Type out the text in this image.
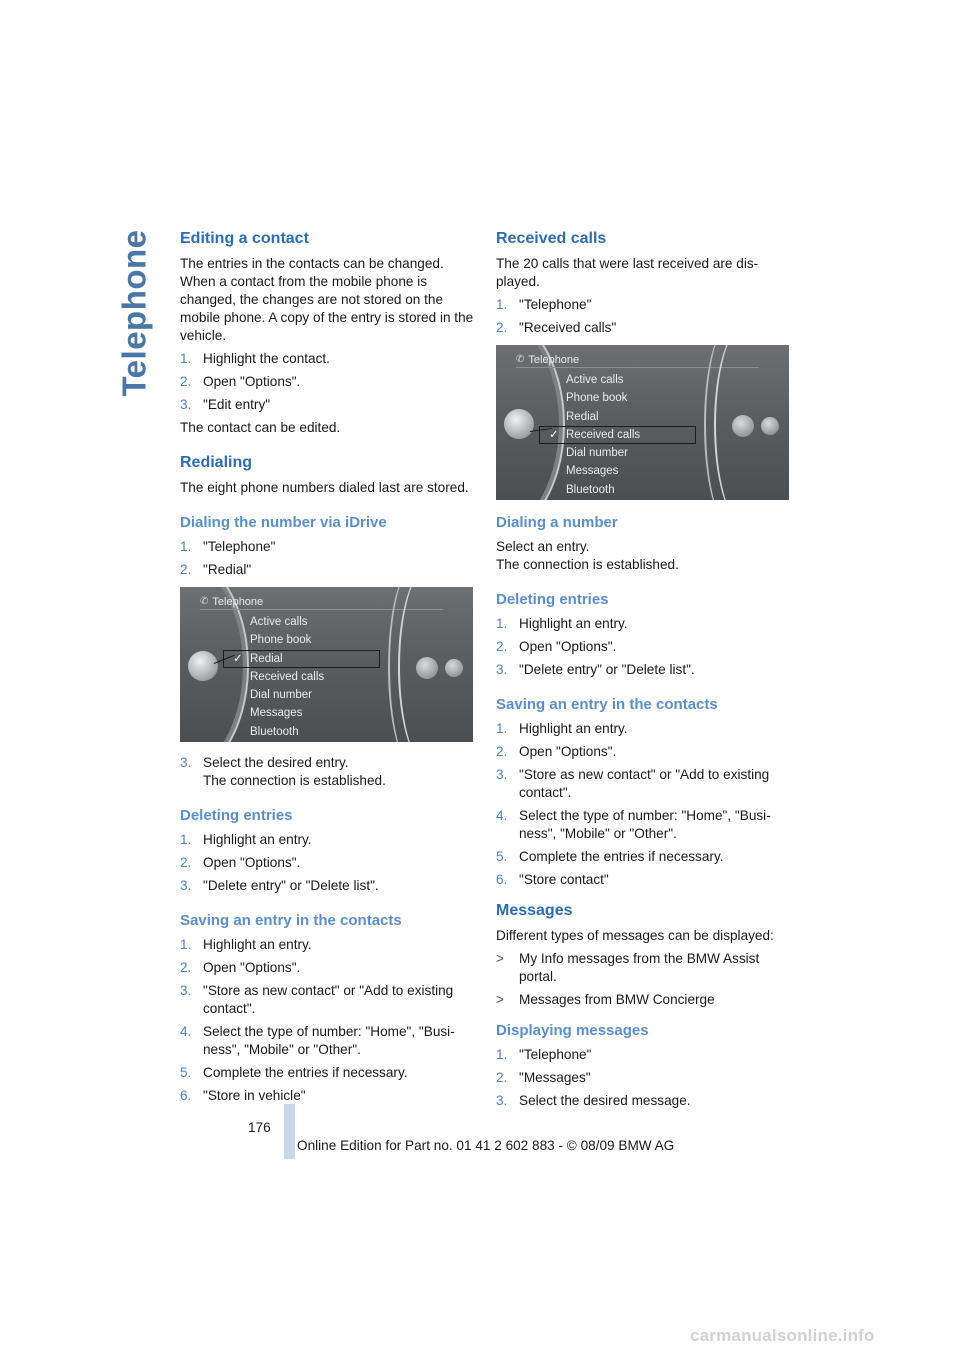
Telephone Editing a contact

The entries in the contacts can be changed. When a contact from the mobile phone is changed, the changes are not stored on the mobile phone. A copy of the entry is stored in the vehicle.

1. Highlight the contact.
2. Open "Options".
3. "Edit entry"

The contact can be edited.

Redialing

The eight phone numbers dialed last are stored.

Dialing the number via iDrive
1. "Telephone"
2. "Redial"
✆ Telephone
Active calls
Phone book
✓ Redial
Received calls
Dial number
Messages
Bluetooth
3. Select the desired entry.
The connection is established.
Deleting entries
1. Highlight an entry.
2. Open "Options".
3. "Delete entry" or "Delete list".
Saving an entry in the contacts
1. Highlight an entry.
2. Open "Options".
3. "Store as new contact" or "Add to existing contact".
4. Select the type of number: "Home", "Busi-ness", "Mobile" or "Other".
5. Complete the entries if necessary.
6. "Store in vehicle"
Received calls

The 20 calls that were last received are dis-played.

1. "Telephone"
2. "Received calls"
✆ Telephone
Active calls
Phone book
Redial
✓ Received calls
Dial number
Messages
Bluetooth
Dialing a number

Select an entry.
The connection is established.

Deleting entries
1. Highlight an entry.
2. Open "Options".
3. "Delete entry" or "Delete list".
Saving an entry in the contacts
1. Highlight an entry.
2. Open "Options".
3. "Store as new contact" or "Add to existing contact".
4. Select the type of number: "Home", "Busi-ness", "Mobile" or "Other".
5. Complete the entries if necessary.
6. "Store contact"
Messages

Different types of messages can be displayed:

>	My Info messages from the BMW Assist portal.
>	Messages from BMW Concierge
Displaying messages
1. "Telephone"
2. "Messages"
3. Select the desired message.
176
Online Edition for Part no. 01 41 2 602 883 - © 08/09 BMW AG
carmanualsonline.info
